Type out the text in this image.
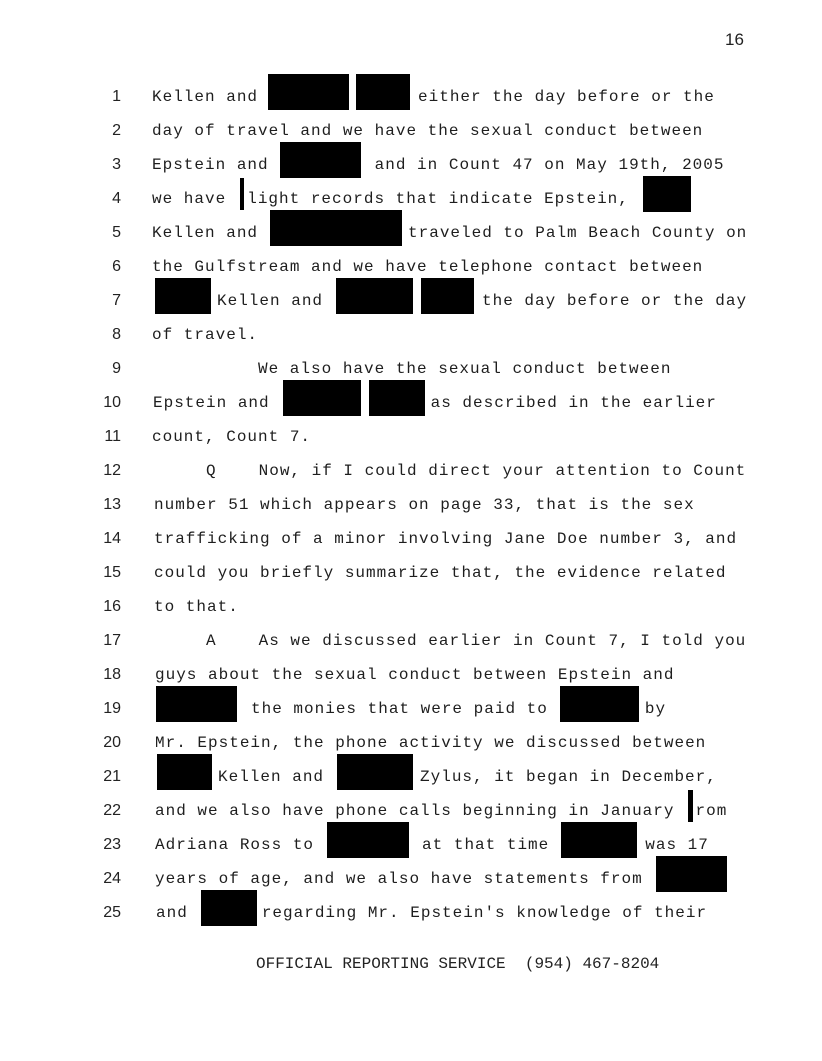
16
1 Kellen and	either the day before or the
2 day of travel and we have the sexual conduct between
3 Epstein and	and in Count 47 on May 19th, 2005
4 we have light records that indicate Epstein,
5 Kellen and	traveled to Palm Beach County on
6 the Gulfstream and we have telephone contact between
7	Kellen and	the day before or the day
8 of travel.
9	We also have the sexual conduct between
10 Epstein and	as described in the earlier
11 count, Count 7.
12	Q	Now, if I could direct your attention to Count
13 number 51 which appears on page 33, that is the sex
14 trafficking of a minor involving Jane Doe number 3, and
15 could you briefly summarize that, the evidence related
16 to that.
17	A	As we discussed earlier in Count 7, I told you
18 guys about the sexual conduct between Epstein and
19	the monies that were paid to	by
20 Mr. Epstein, the phone activity we discussed between
21	Kellen and	Zylus, it began in December,
22 and we also have phone calls beginning in January rom
23 Adriana Ross to	at that time	was 17
24 years of age, and we also have statements from
25 and	regarding Mr. Epstein's knowledge of their
OFFICIAL REPORTING SERVICE  (954) 467-8204
